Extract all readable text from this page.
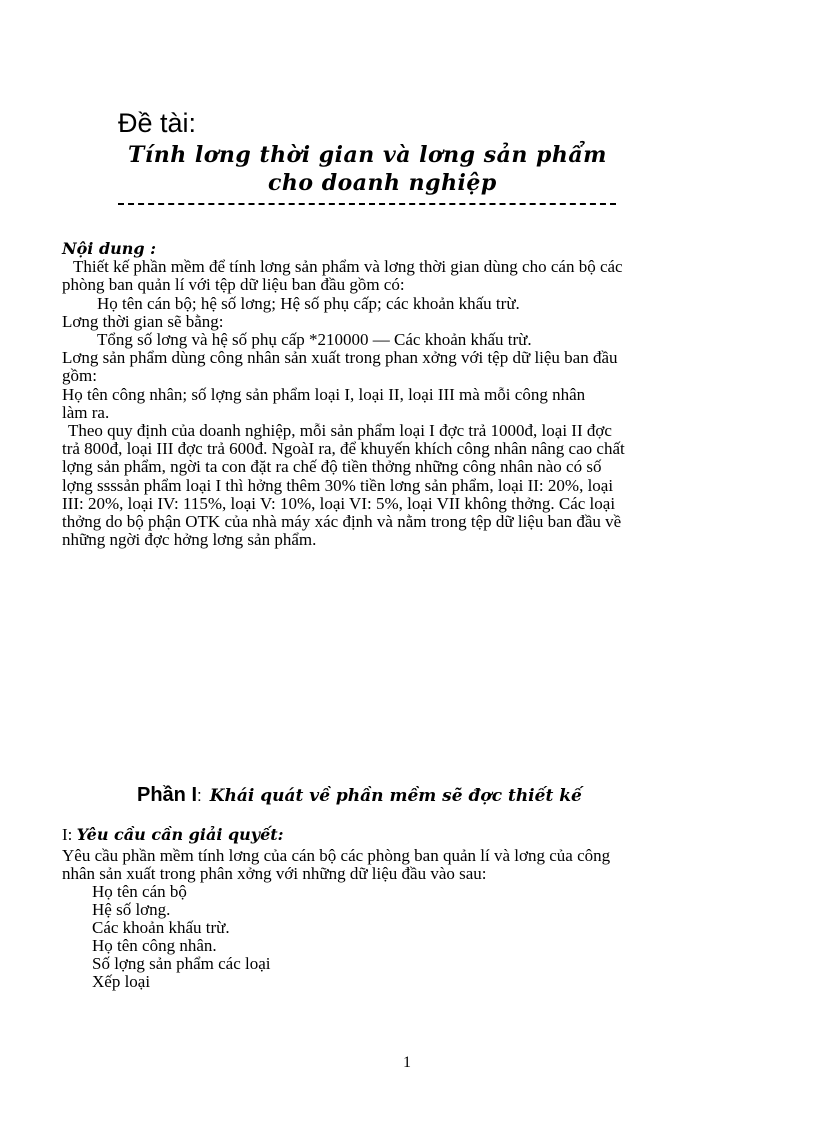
Đề tài:
Tính lơng thời gian và lơng sản phẩm
cho doanh nghiệp
Nội dung :
Thiết kế phần mềm để tính lơng sản phẩm và lơng thời gian dùng cho cán bộ các
phòng ban quản lí với tệp dữ liệu ban đầu gồm có:
Họ tên cán bộ; hệ số lơng; Hệ số phụ cấp; các khoản khấu trừ.
Lơng thời gian sẽ bằng:
Tổng số lơng và hệ số phụ cấp *210000 — Các khoản khấu trừ.
Lơng sản phẩm dùng công nhân sản xuất trong phan xởng với tệp dữ liệu ban đầu
gồm:
Họ tên công nhân; số lợng sản phẩm loại I, loại II, loại III mà mỗi công nhân
làm ra.
Theo quy định của doanh nghiệp, mỗi sản phẩm loại I đợc trả 1000đ, loại II đợc
trả 800đ, loại III đợc trả 600đ. NgoàI ra, để khuyến khích công nhân nâng cao chất
lợng sản phẩm, ngời ta con đặt ra chế độ tiền thởng những công nhân nào có số
lợng ssssản phẩm loại I thì hởng thêm 30% tiền lơng sản phẩm, loại II: 20%, loại
III: 20%, loại IV: 115%, loại V: 10%, loại VI: 5%, loại VII không thởng. Các loại
thởng do bộ phận OTK của nhà máy xác định và nằm trong tệp dữ liệu ban đầu về
những ngời đợc hởng lơng sản phẩm.
Phần I: Khái quát về phần mềm sẽ đợc thiết kế
I: Yêu cầu cần giải quyết:
Yêu cầu phần mềm tính lơng của cán bộ các phòng ban quản lí và lơng của công
nhân sản xuất trong phân xởng với những dữ liệu đầu vào sau:
Họ tên cán bộ
Hệ số lơng.
Các khoản khấu trừ.
Họ tên công nhân.
Số lợng sản phẩm các loại
Xếp loại
1
